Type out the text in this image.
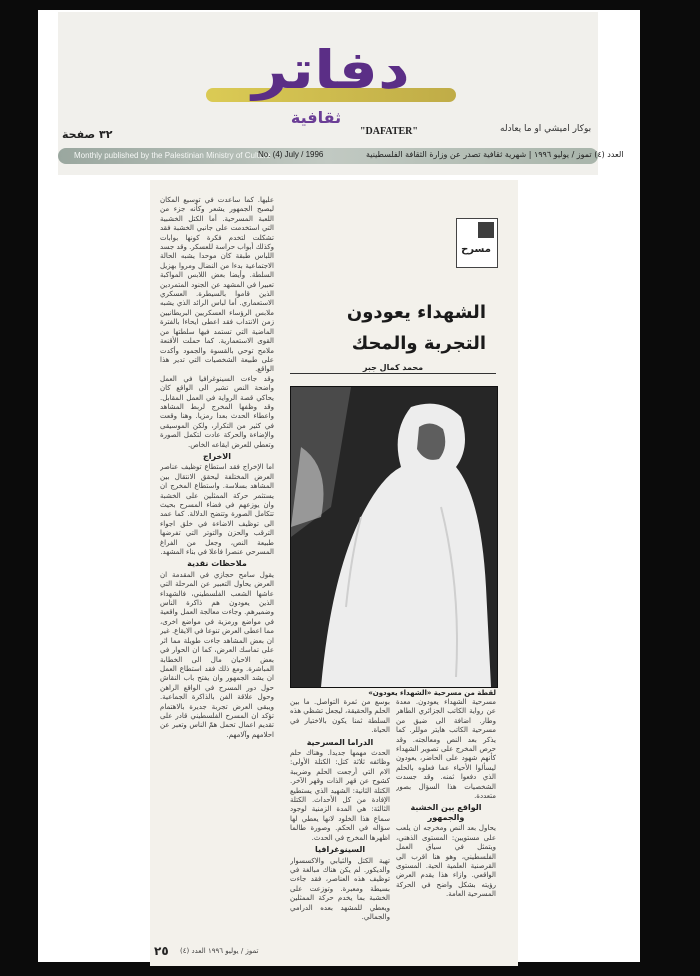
دفاتر
ثقافية
بوكار اميشي او ما يعادله
"DAFATER"
٣٢ صفحة
Monthly published by the Palestinian Ministry of Culture
No. (4) July / 1996	العدد (٤) تموز / يوليو ١٩٩٦ | شهرية ثقافية تصدر عن وزارة الثقافة الفلسطينية

عليها. كما ساعدت في توسيع المكان ليصبح الجمهور يشعر وكأنه جزء من اللعبة المسرحية. أما الكتل الخشبية التي استخدمت على جانبي الخشبة فقد تشكلت لتخدم فكرة كونها بوابات وكذلك أبواب حراسة للعسكر. وقد جسد اللباس طبقة كان موحدا يشبه الحالة الاجتماعية بدءا من النضال ومروا بهزيل السلطة. وأيضا بعض اللابس المواكبة تعبيرا في المشهد عن الجنود المتمردين الذين قاموا بالسيطرة. العسكري الاستعماري. أما لباس الرائد الذي يشبه ملابس الرؤساء العسكريين البريطانيين زمن الانتداب فقد اعطى ايحاءا بالفترة الماضية التي تستمد فيها سلطتها من القوى الاستعمارية. كما حملت الأقنعة ملامح توحي بالقسوة والجمود وأكدت على طبيعة الشخصيات التي تدير هذا الواقع.

وقد جاءت السينوغرافيا في العمل واضحة النص تشير الى الواقع كان يحاكي قصة الرواية في العمل المقابل. وقد وظفها المخرج لربط المشاهد واعطاء الحدث بعدا رمزيا. وهنا وقعت في كثير من التكرار، ولكن الموسيقى والإضاءة والحركة عادت لتكمل الصورة وتعطي للعرض ايقاعه الخاص.

الاخراج

اما الإخراج فقد استطاع توظيف عناصر العرض المختلفة ليحقق الانتقال بين المشاهد بسلاسة. واستطاع المخرج ان يستثمر حركة الممثلين على الخشبة وان يوزعهم في فضاء المسرح بحيث تتكامل الصورة وتتضح الدلالة. كما عمد الى توظيف الاضاءة في خلق اجواء الترقب والحزن والتوتر التي تفرضها طبيعة النص، وجعل من الفراغ المسرحي عنصرا فاعلا في بناء المشهد.

ملاحظات نقدية

يقول سامح حجازي في المقدمة ان العرض يحاول التعبير عن المرحلة التي عاشها الشعب الفلسطيني، فالشهداء الذين يعودون هم ذاكرة الناس وضميرهم. وجاءت معالجة العمل واقعية في مواضع ورمزية في مواضع اخرى، مما اعطى العرض تنوعا في الايقاع. غير ان بعض المشاهد جاءت طويلة مما اثر على تماسك العرض، كما ان الحوار في بعض الاحيان مال الى الخطابة المباشرة. ومع ذلك فقد استطاع العمل ان يشد الجمهور وان يفتح باب النقاش حول دور المسرح في الواقع الراهن وحول علاقة الفن بالذاكرة الجماعية. ويبقى العرض تجربة جديرة بالاهتمام تؤكد ان المسرح الفلسطيني قادر على تقديم اعمال تحمل همّ الناس وتعبر عن احلامهم وآلامهم.

مسرح
الشهداء يعودون
التجربة والمحك
محمد كمال جبر
لقطة من مسرحية «الشهداء يعودون»

بوسع من ثمرة التواصل. ما بين الحلم والحقيقة، ليجعل تشظي هذه السلطة ثمنا يكون بالاختيار في الحياة.

الدراما المسرحية

الحدث مهمها جديدا. وهناك حلم وظائفه ثلاثة كتل: الكتلة الأولى: الام التي أرجعت الحلم وضريبة كشوح عن قهر الذات وقهر الآخر. الكتلة الثانية: الشهيد الذي يستطيع الإفادة من كل الأحداث. الكتلة الثالثة: هي المدة الزمنية لوجود سماع هذا الخلود لانها يعطي لها سؤاله في الحكم. وصورة طالما اظهرها المخرج في الحدث.

السينوغرافيا

تهية الكتل والثيابي والاكسسوار والديكور. لم يكن هناك مبالغة في توظيف هذه العناصر، فقد جاءت بسيطة ومعبرة. وتوزعت على الخشبة بما يخدم حركة الممثلين ويعطي للمشهد بعده الدرامي والجمالي.

مسرحية الشهداء يعودون. معدة عن رواية الكاتب الجزائري الطاهر وطار. اضافة الى ضيق من مسرحية الكاتب هايتر موللر. كما يذكر بعد النص ومعالجته. وقد حرص المخرج على تصوير الشهداء كأنهم شهود على الحاضر، يعودون ليسألوا الأحياء عما فعلوه بالحلم الذي دفعوا ثمنه. وقد جسدت الشخصيات هذا السؤال بصور متعددة.

الواقع بين الخشبة والجمهور

يحاول بعد النص ومخرجه ان يلعب على مستويين: المستوى الذهني، ويتمثل في سياق العمل الفلسطيني، وهو هنا اقرب الى القرصنية العلمية الحية. المستوى الواقعي. وازاء هذا يقدم العرض رؤيته بشكل واضح في الحركة المسرحية العامة.

٢٥ تموز / يوليو ١٩٩٦ العدد (٤)
